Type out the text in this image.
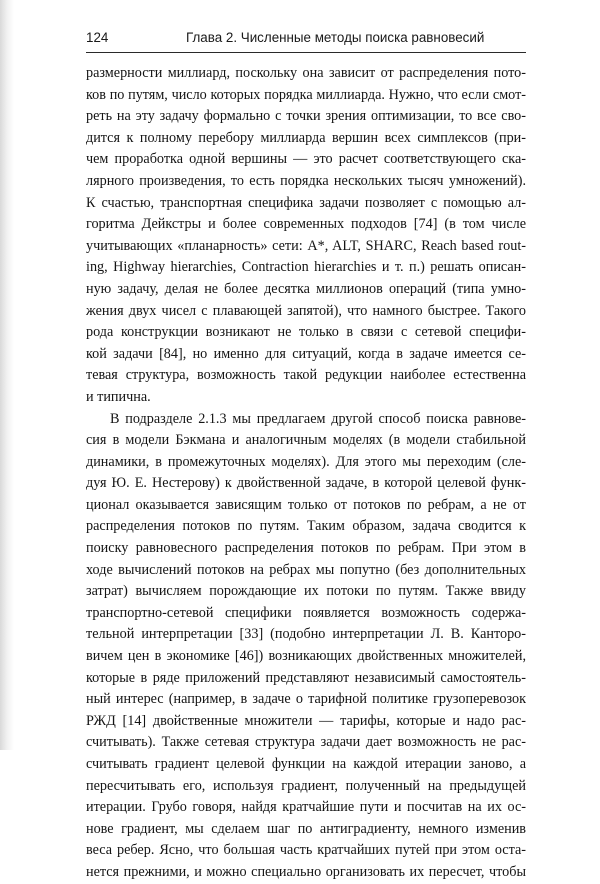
124	Глава 2. Численные методы поиска равновесий
размерности миллиард, поскольку она зависит от распределения пото-
ков по путям, число которых порядка миллиарда. Нужно, что если смот-
реть на эту задачу формально с точки зрения оптимизации, то все сво-
дится к полному перебору миллиарда вершин всех симплексов (при-
чем проработка одной вершины — это расчет соответствующего ска-
лярного произведения, то есть порядка нескольких тысяч умножений).
К счастью, транспортная специфика задачи позволяет с помощью ал-
горитма Дейкстры и более современных подходов [74] (в том числе
учитывающих «планарность» сети: A*, ALT, SHARC, Reach based rout-
ing, Highway hierarchies, Contraction hierarchies и т. п.) решать описан-
ную задачу, делая не более десятка миллионов операций (типа умно-
жения двух чисел с плавающей запятой), что намного быстрее. Такого
рода конструкции возникают не только в связи с сетевой специфи-
кой задачи [84], но именно для ситуаций, когда в задаче имеется се-
тевая структура, возможность такой редукции наиболее естественна
и типична.
В подразделе 2.1.3 мы предлагаем другой способ поиска равнове-
сия в модели Бэкмана и аналогичным моделях (в модели стабильной
динамики, в промежуточных моделях). Для этого мы переходим (сле-
дуя Ю. Е. Нестерову) к двойственной задаче, в которой целевой функ-
ционал оказывается зависящим только от потоков по ребрам, а не от
распределения потоков по путям. Таким образом, задача сводится к
поиску равновесного распределения потоков по ребрам. При этом в
ходе вычислений потоков на ребрах мы попутно (без дополнительных
затрат) вычисляем порождающие их потоки по путям. Также ввиду
транспортно-сетевой специфики появляется возможность содержа-
тельной интерпретации [33] (подобно интерпретации Л. В. Канторо-
вичем цен в экономике [46]) возникающих двойственных множителей,
которые в ряде приложений представляют независимый самостоятель-
ный интерес (например, в задаче о тарифной политике грузоперевозок
РЖД [14] двойственные множители — тарифы, которые и надо рас-
считывать). Также сетевая структура задачи дает возможность не рас-
считывать градиент целевой функции на каждой итерации заново, а
пересчитывать его, используя градиент, полученный на предыдущей
итерации. Грубо говоря, найдя кратчайшие пути и посчитав на их ос-
нове градиент, мы сделаем шаг по антиградиенту, немного изменив
веса ребер. Ясно, что большая часть кратчайших путей при этом оста-
нется прежними, и можно специально организовать их пересчет, чтобы
